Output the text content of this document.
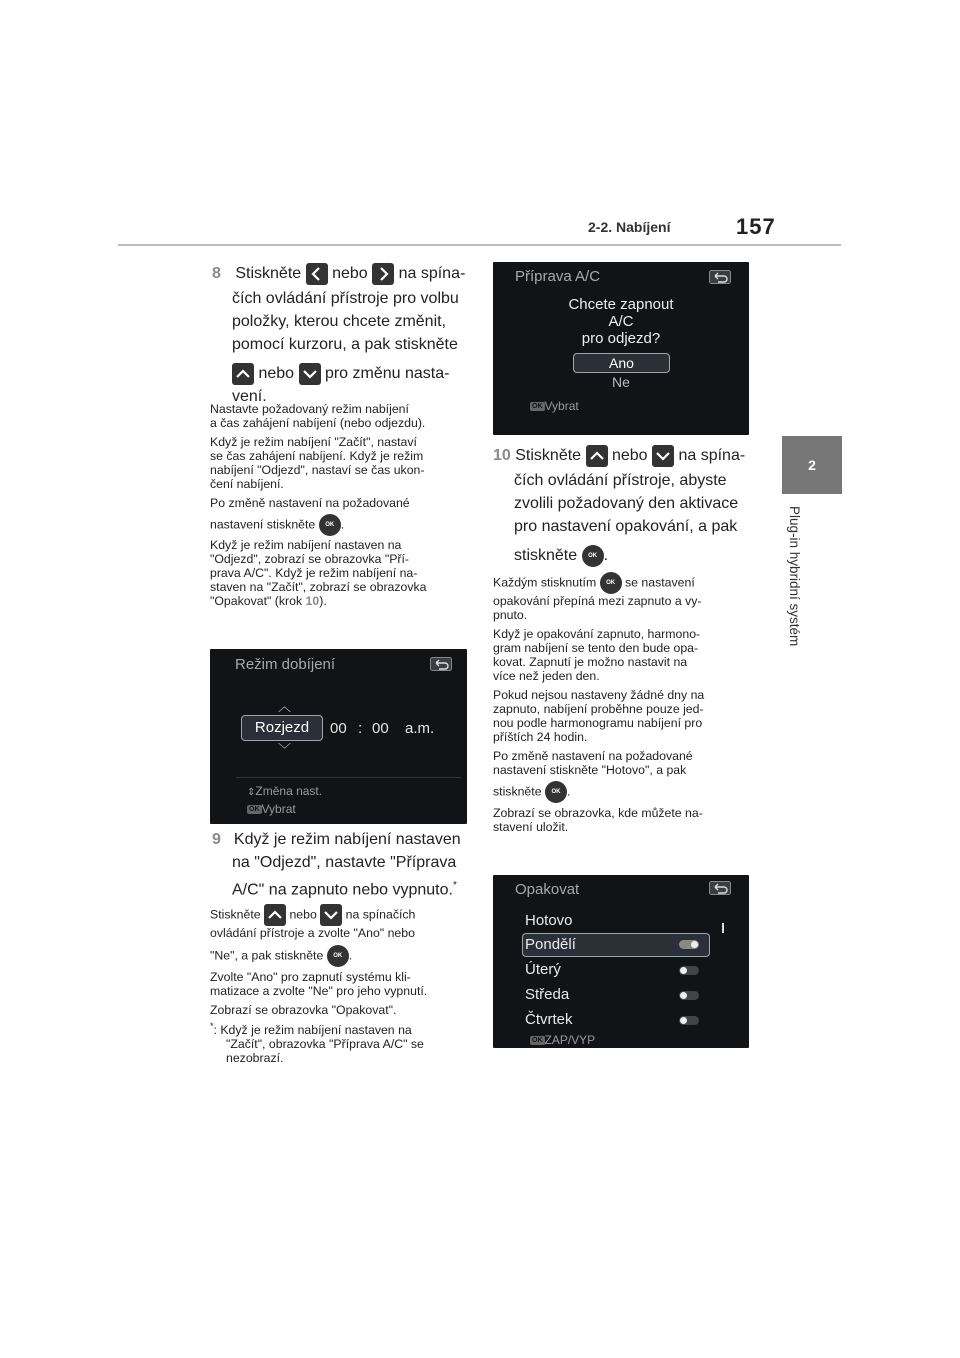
2-2. Nabíjení	157
2
Plug-in hybridní systém
8 Stiskněte nebo na spína-
čích ovládání přístroje pro volbu
položky, kterou chcete změnit,
pomocí kurzoru, a pak stiskněte
nebo pro změnu nasta-
vení.
Nastavte požadovaný režim nabíjení
a čas zahájení nabíjení (nebo odjezdu).
Když je režim nabíjení "Začít", nastaví
se čas zahájení nabíjení. Když je režim
nabíjení "Odjezd", nastaví se čas ukon-
čení nabíjení.
Po změně nastavení na požadované
nastavení stiskněte OK .
Když je režim nabíjení nastaven na
"Odjezd", zobrazí se obrazovka "Pří-
prava A/C". Když je režim nabíjení na-
staven na "Začít", zobrazí se obrazovka
"Opakovat" (krok 10).
Režim dobíjení
︿
Rozjezd
﹀
00 : 00 a.m.
⇕Změna nast.
OK Vybrat
9 Když je režim nabíjení nastaven
na "Odjezd", nastavte "Příprava
A/C" na zapnuto nebo vypnuto.*
Stiskněte nebo na spínačích
ovládání přístroje a zvolte "Ano" nebo
"Ne", a pak stiskněte OK .
Zvolte "Ano" pro zapnutí systému kli-
matizace a zvolte "Ne" pro jeho vypnutí.
Zobrazí se obrazovka "Opakovat".
*: Když je režim nabíjení nastaven na
"Začít", obrazovka "Příprava A/C" se
nezobrazí.
Příprava A/C
Chcete zapnout
A/C
pro odjezd?
Ano
Ne
OK Vybrat
10 Stiskněte nebo na spína-
čích ovládání přístroje, abyste
zvolili požadovaný den aktivace
pro nastavení opakování, a pak
stiskněte OK .
Každým stisknutím OK se nastavení
opakování přepíná mezi zapnuto a vy-
pnuto.
Když je opakování zapnuto, harmono-
gram nabíjení se tento den bude opa-
kovat. Zapnutí je možno nastavit na
více než jeden den.
Pokud nejsou nastaveny žádné dny na
zapnuto, nabíjení proběhne pouze jed-
nou podle harmonogramu nabíjení pro
příštích 24 hodin.
Po změně nastavení na požadované
nastavení stiskněte "Hotovo", a pak
stiskněte OK .
Zobrazí se obrazovka, kde můžete na-
stavení uložit.
Opakovat
Hotovo
Pondělí
Úterý
Středa
Čtvrtek
OK ZAP/VYP
